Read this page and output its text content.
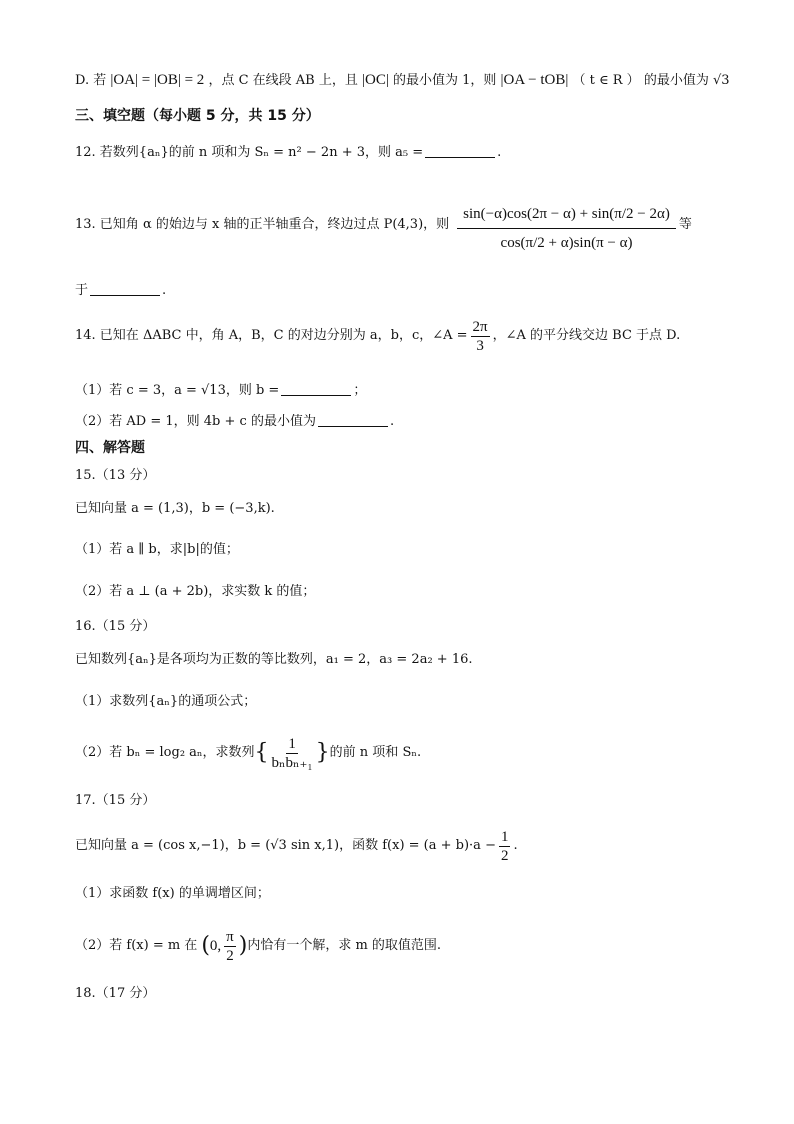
D. 若 |OA| = |OB| = 2 ，点 C 在线段 AB 上，且 |OC| 的最小值为 1，则 |OA − tOB| （ t ∈ R ） 的最小值为 √3
三、填空题（每小题 5 分，共 15 分）
12. 若数列{aₙ}的前 n 项和为 Sₙ = n² − 2n + 3，则 a₅ =	.
13. 已知角 α 的始边与 x 轴的正半轴重合，终边过点 P(4,3)，则 $\frac{\sin(-\alpha)\cos(2\pi - \alpha) + \sin(\pi/2 - 2\alpha)}{\cos(\pi/2 + \alpha)\sin(\pi - \alpha)}$ 等
于	.
14. 已知在 ΔABC 中，角 A，B，C 的对边分别为 a，b，c，∠A = $\frac{2\pi}{3}$ ，∠A 的平分线交边 BC 于点 D.
（1）若 c = 3，a = √13，则 b =	；
（2）若 AD = 1，则 4b + c 的最小值为	.
四、解答题
15.（13 分）
已知向量 a = (1,3)，b = (−3,k).
（1）若 a ∥ b，求|b|的值；
（2）若 a ⊥ (a + 2b)，求实数 k 的值；
16.（15 分）
已知数列{aₙ}是各项均为正数的等比数列，a₁ = 2，a₃ = 2a₂ + 16.
（1）求数列{aₙ}的通项公式；
（2）若 bₙ = log₂ aₙ，求数列 { $\frac{1}{\text{bₙbₙ₊₁}}$ } 的前 n 项和 Sₙ.
17.（15 分）
已知向量 a = (cos x,−1)，b = (√3 sin x,1)，函数 $f(x) = (a + b)\cdot a - \frac{1}{2}$ .
（1）求函数 f(x) 的单调增区间；
（2）若 f(x) = m 在 ( 0, $\frac{\pi}{2}$ ) 内恰有一个解，求 m 的取值范围.
18.（17 分）
